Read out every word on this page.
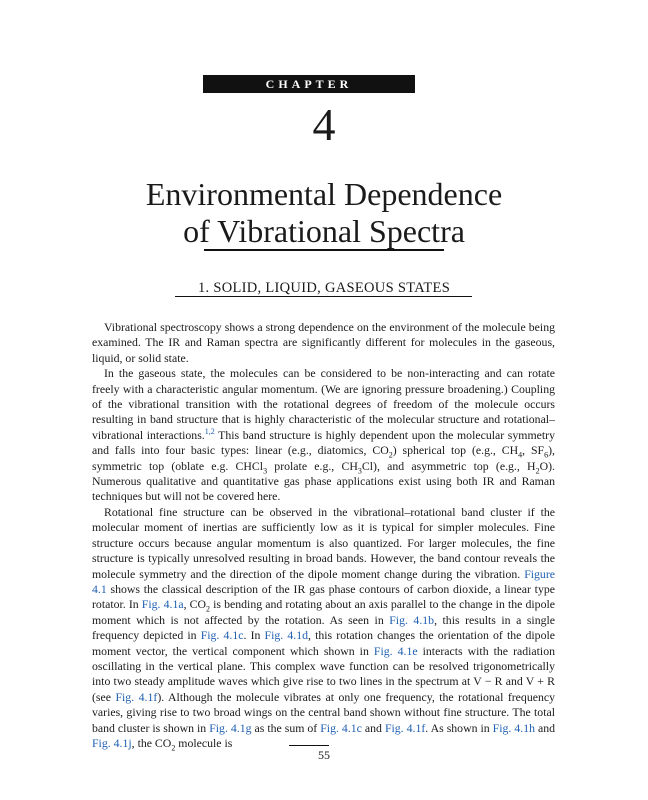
CHAPTER
4
Environmental Dependence
of Vibrational Spectra
1. SOLID, LIQUID, GASEOUS STATES

Vibrational spectroscopy shows a strong dependence on the environment of the molecule being examined. The IR and Raman spectra are significantly different for molecules in the gaseous, liquid, or solid state.

In the gaseous state, the molecules can be considered to be non-interacting and can rotate freely with a characteristic angular momentum. (We are ignoring pressure broadening.) Coupling of the vibrational transition with the rotational degrees of freedom of the molecule occurs resulting in band structure that is highly characteristic of the molecular structure and rotational–vibrational interactions.$^{1,2}$ This band structure is highly dependent upon the molecular symmetry and falls into four basic types: linear (e.g., diatomics, $CO_2$) spherical top (e.g., $CH_4$, $SF_6$), symmetric top (oblate e.g. CHCl$_3$ prolate e.g., $CH_3Cl$), and asymmetric top (e.g., $H_2O$). Numerous qualitative and quantitative gas phase applications exist using both IR and Raman techniques but will not be covered here.

Rotational fine structure can be observed in the vibrational–rotational band cluster if the molecular moment of inertias are sufficiently low as it is typical for simpler molecules. Fine structure occurs because angular momentum is also quantized. For larger molecules, the fine structure is typically unresolved resulting in broad bands. However, the band contour reveals the molecule symmetry and the direction of the dipole moment change during the vibration. Figure 4.1 shows the classical description of the IR gas phase contours of carbon dioxide, a linear type rotator. In Fig. 4.1a, $CO_2$ is bending and rotating about an axis parallel to the change in the dipole moment which is not affected by the rotation. As seen in Fig. 4.1b, this results in a single frequency depicted in Fig. 4.1c. In Fig. 4.1d, this rotation changes the orientation of the dipole moment vector, the vertical component which shown in Fig. 4.1e interacts with the radiation oscillating in the vertical plane. This complex wave function can be resolved trigonometrically into two steady amplitude waves which give rise to two lines in the spectrum at V − R and V + R (see Fig. 4.1f). Although the molecule vibrates at only one frequency, the rotational frequency varies, giving rise to two broad wings on the central band shown without fine structure. The total band cluster is shown in Fig. 4.1g as the sum of Fig. 4.1c and Fig. 4.1f. As shown in Fig. 4.1h and Fig. 4.1j, the $CO_2$ molecule is

55
